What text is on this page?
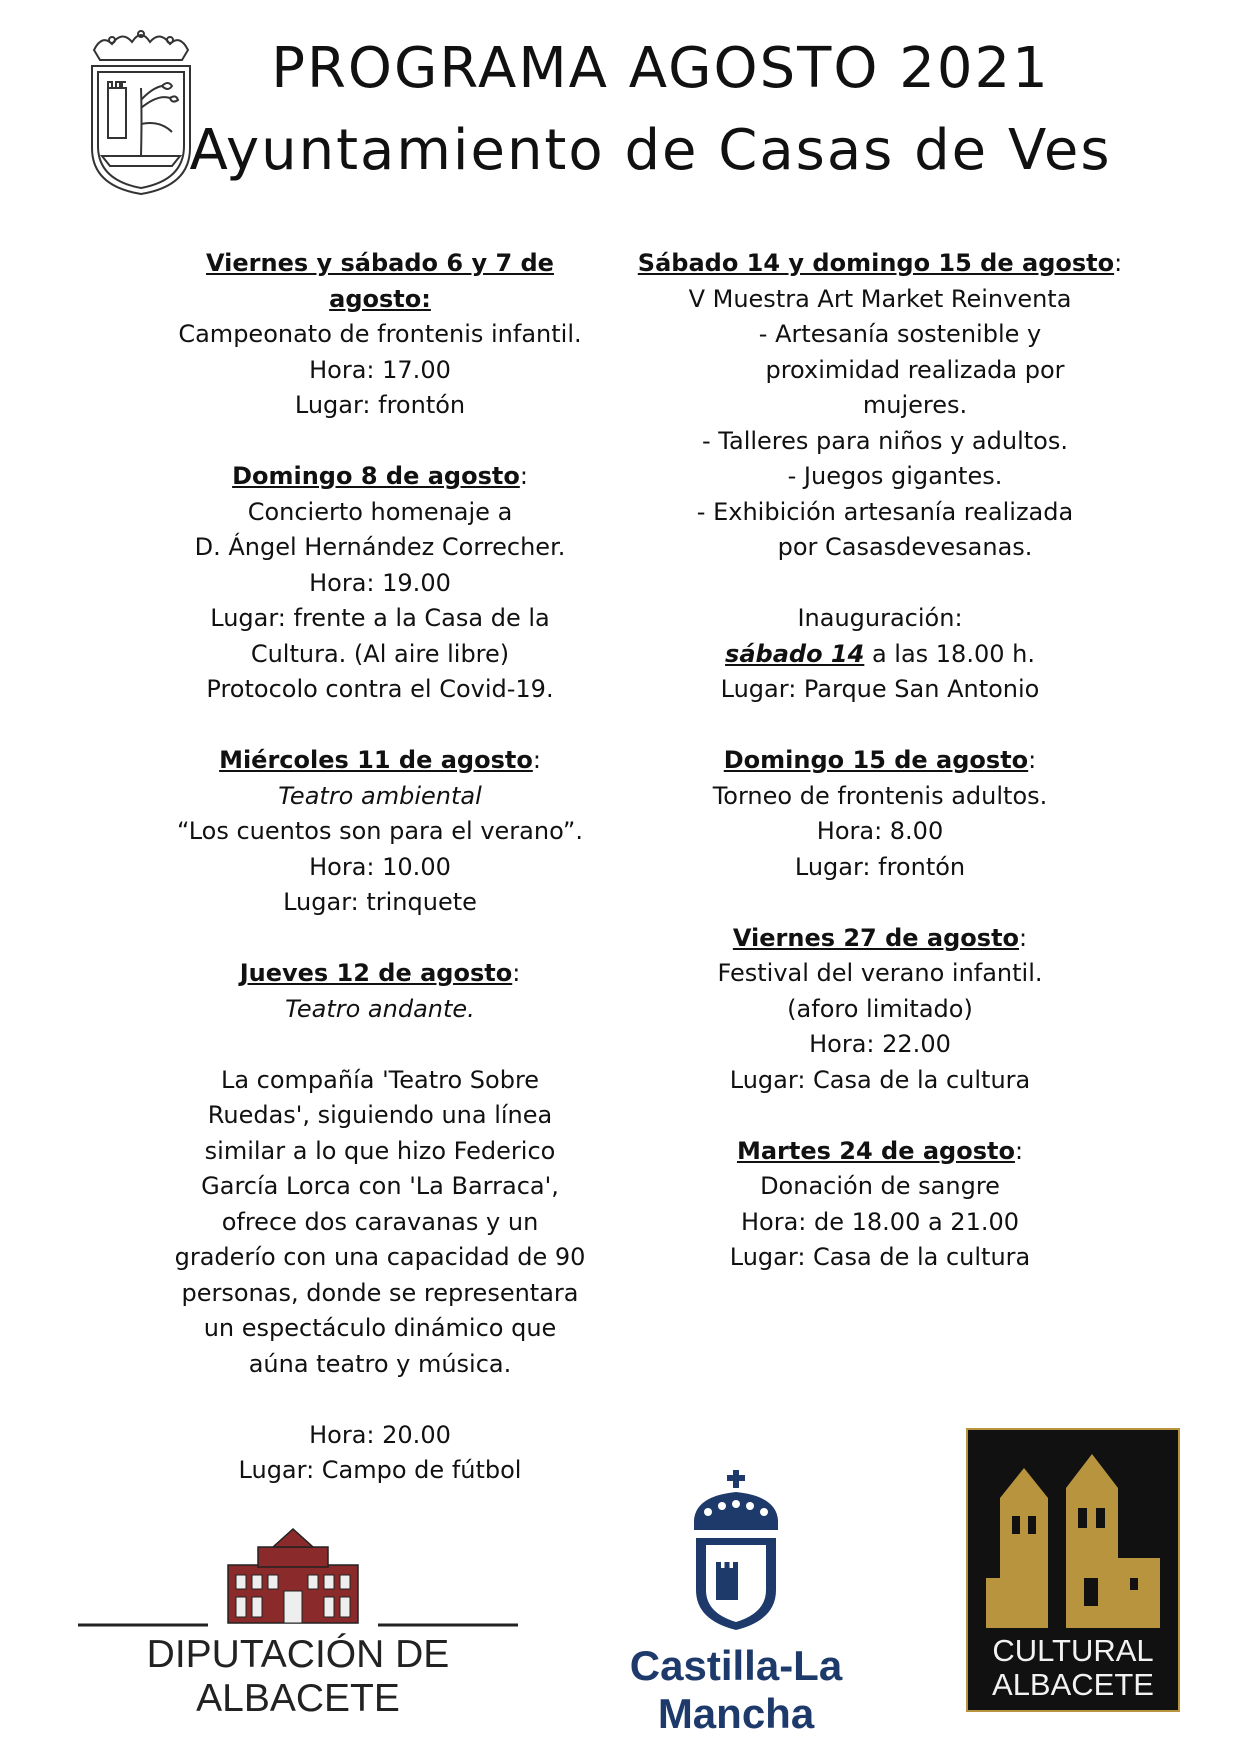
PROGRAMA AGOSTO 2021
Ayuntamiento de Casas de Ves

Viernes y sábado 6 y 7 de agosto:

Campeonato de frontenis infantil.

Hora: 17.00

Lugar: frontón

Domingo 8 de agosto:

Concierto homenaje a

D. Ángel Hernández Correcher.

Hora: 19.00

Lugar: frente a la Casa de la

Cultura. (Al aire libre)

Protocolo contra el Covid-19.

Miércoles 11 de agosto:

Teatro ambiental

“Los cuentos son para el verano”.

Hora: 10.00

Lugar: trinquete

Jueves 12 de agosto:

Teatro andante.

La compañía 'Teatro Sobre

Ruedas', siguiendo una línea

similar a lo que hizo Federico

García Lorca con 'La Barraca',

ofrece dos caravanas y un

graderío con una capacidad de 90

personas, donde se representara

un espectáculo dinámico que

aúna teatro y música.

Hora: 20.00

Lugar: Campo de fútbol

Sábado 14 y domingo 15 de agosto:

V Muestra Art Market Reinventa

- Artesanía sostenible y

proximidad realizada por

mujeres.

- Talleres para niños y adultos.

- Juegos gigantes.

- Exhibición artesanía realizada

por Casasdevesanas.

Inauguración:

sábado 14 a las 18.00 h.

Lugar: Parque San Antonio

Domingo 15 de agosto:

Torneo de frontenis adultos.

Hora: 8.00

Lugar: frontón

Viernes 27 de agosto:

Festival del verano infantil.

(aforo limitado)

Hora: 22.00

Lugar: Casa de la cultura

Martes 24 de agosto:

Donación de sangre

Hora: de 18.00 a 21.00

Lugar: Casa de la cultura

DIPUTACIÓN DE ALBACETE
Castilla-La Mancha
CULTURAL
ALBACETE
